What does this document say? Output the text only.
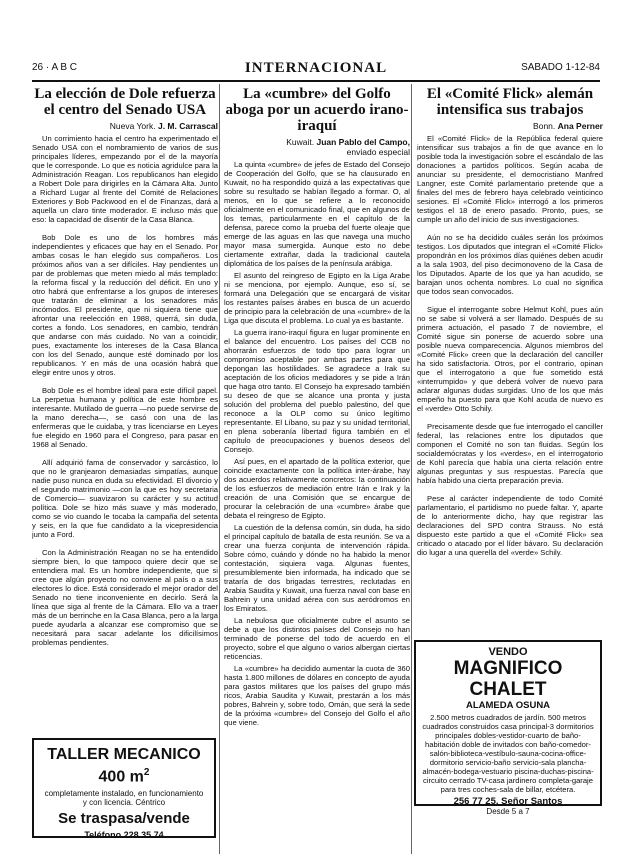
26 · A B C	INTERNACIONAL	SABADO 1-12-84
La elección de Dole refuerza el centro del Senado USA
Nueva York. J. M. Carrascal

Un corrimiento hacia el centro ha experimentado el Senado USA con el nombramiento de varios de sus principales líderes, empezando por el de la mayoría que le corresponde. Lo que es noticia agridulce para la Administración Reagan. Los republicanos han elegido a Robert Dole para dirigirles en la Cámara Alta. Junto a Richard Lugar al frente del Comité de Relaciones Exteriores y Bob Packwood en el de Finanzas, dará a aquella un claro tinte moderador. E incluso más que eso: la capacidad de disentir de la Casa Blanca.

Bob Dole es uno de los hombres más independientes y eficaces que hay en el Senado. Por ambas cosas le han elegido sus compañeros. Los próximos años van a ser difíciles. Hay pendientes un par de problemas que meten miedo al más templado: la reforma fiscal y la reducción del déficit. En uno y otro habrá que enfrentarse a los grupos de intereses que tratarán de eliminar a los senadores más incómodos. El presidente, que ni siquiera tiene que afrontar una reelección en 1988, querrá, sin duda, cortes a fondo. Los senadores, en cambio, tendrán que andarse con más cuidado. No van a coincidir, pues, exactamente los intereses de la Casa Blanca con los del Senado, aunque esté dominado por los republicanos. Y en más de una ocasión habrá que elegir entre unos y otros.

Bob Dole es el hombre ideal para este difícil papel. La perpetua humana y política de este hombre es interesante. Mutilado de guerra —no puede servirse de la mano derecha—, se casó con una de las enfermeras que le cuidaba, y tras licenciarse en Leyes fue elegido en 1960 para el Congreso, para pasar en 1968 al Senado.

Allí adquirió fama de conservador y sarcástico, lo que no le granjearon demasiadas simpatías, aunque nadie puso nunca en duda su efectividad. El divorcio y el segundo matrimonio —con la que es hoy secretaria de Comercio— suavizaron su carácter y su actitud política. Dole se hizo más suave y más moderado, como se vio cuando le tocaba la campaña del setenta y seis, en la que fue candidato a la vicepresidencia junto a Ford.

Con la Administración Reagan no se ha entendido siempre bien, lo que tampoco quiere decir que se entendiera mal. Es un hombre independiente, que si cree que algún proyecto no conviene al país o a sus electores lo dice. Está considerado el mejor orador del Senado no tiene inconveniente en decirlo. Será la línea que siga al frente de la Cámara. Ello va a traer más de un berrinche en la Casa Blanca, pero a la larga puede ayudarla a alcanzar ese compromiso que se necesitará para sacar adelante los dificilísimos problemas pendientes.

La «cumbre» del Golfo aboga por un acuerdo irano-iraquí
Kuwait. Juan Pablo del Campo,
enviado especial

La quinta «cumbre» de jefes de Estado del Consejo de Cooperación del Golfo, que se ha clausurado en Kuwait, no ha respondido quizá a las expectativas que sobre su resultado se habían llegado a formar. O, al menos, en lo que se refiere a lo reconocido oficialmente en el comunicado final, que en algunos de los temas, particularmente en el capítulo de la defensa, parece como la prueba del fuerte oleaje que emerge de las aguas en las que navega una mucho mayor masa sumergida. Aunque esto no debe ciertamente extrañar, dada la tradicional cautela diplomática de los países de la península arábiga.

El asunto del reingreso de Egipto en la Liga Arabe ni se menciona, por ejemplo. Aunque, eso sí, se formará una Delegación que se encargará de visitar los restantes países árabes en busca de un acuerdo de principio para la celebración de una «cumbre» de la Liga que discuta el problema. Lo cual ya es bastante.

La guerra irano-iraquí figura en lugar prominente en el balance del encuentro. Los países del CCB no ahorrarán esfuerzos de todo tipo para lograr un compromiso aceptable por ambas partes para que depongan las hostilidades. Se agradece a Irak su aceptación de los oficios mediadores y se pide a Irán que haga otro tanto. El Consejo ha expresado también su deseo de que se alcance una pronta y justa solución del problema del pueblo palestino, del que reconoce a la OLP como su único legítimo representante. El Líbano, su paz y su unidad territorial, en plena soberanía libertad figura también en el capítulo de preocupaciones y buenos deseos del Consejo.

Así pues, en el apartado de la política exterior, que coincide exactamente con la política inter-árabe, hay dos acuerdos relativamente concretos: la continuación de los esfuerzos de mediación entre Irán e Irak y la creación de una Comisión que se encargue de procurar la celebración de una «cumbre» árabe que debata el reingreso de Egipto.

La cuestión de la defensa común, sin duda, ha sido el principal capítulo de batalla de esta reunión. Se va a crear una fuerza conjunta de intervención rápida. Sobre cómo, cuándo y dónde no ha habido la menor contestación, siquiera vaga. Algunas fuentes, presumiblemente bien informada, ha indicado que se trataría de dos brigadas terrestres, reclutadas en Arabia Saudita y Kuwait, una fuerza naval con base en Bahrein y una unidad aérea con sus aeródromos en los Emiratos.

La nebulosa que oficialmente cubre el asunto se debe a que los distintos países del Consejo no han terminado de ponerse del todo de acuerdo en el proyecto, sobre el que alguno o varios albergan ciertas reticencias.

La «cumbre» ha decidido aumentar la cuota de 360 hasta 1.800 millones de dólares en concepto de ayuda para gastos militares que los países del grupo más ricos, Arabia Saudita y Kuwait, prestarán a los más pobres, Bahrein y, sobre todo, Omán, que será la sede de la próxima «cumbre» del Consejo del Golfo el año que viene.

El «Comité Flick» alemán intensifica sus trabajos
Bonn. Ana Perner

El «Comité Flick» de la República federal quiere intensificar sus trabajos a fin de que avance en lo posible toda la investigación sobre el escándalo de las donaciones a partidos políticos. Según acaba de anunciar su presidente, el democristiano Manfred Langner, este Comité parlamentario pretende que a finales del mes de febrero haya celebrado veinticinco sesiones. El «Comité Flick» interrogó a los primeros testigos el 18 de enero pasado. Pronto, pues, se cumple un año del inicio de sus investigaciones.

Aún no se ha decidido cuáles serán los próximos testigos. Los diputados que integran el «Comité Flick» propondrán en los próximos días quiénes deben acudir a la sala 1903, del piso decimonoveno de la Casa de los Diputados. Aparte de los que ya han acudido, se barajan unos ochenta nombres. Lo cual no significa que todos sean convocados.

Sigue el interrogante sobre Helmut Kohl, pues aún no se sabe si volverá a ser llamado. Después de su primera actuación, el pasado 7 de noviembre, el Comité sigue sin ponerse de acuerdo sobre una posible nueva comparecencia. Algunos miembros del «Comité Flick» creen que la declaración del canciller ha sido satisfactoria. Otros, por el contrario, opinan que el interrogatorio a que fue sometido está «interrumpido» y que deberá volver de nuevo para aclarar algunas dudas surgidas. Uno de los que más empeño ha puesto para que Kohl acuda de nuevo es el «verde» Otto Schily.

Precisamente desde que fue interrogado el canciller federal, las relaciones entre los diputados que componen el Comité no son tan fluidas. Según los socialdemócratas y los «verdes», en el interrogatorio de Kohl parecía que había una cierta relación entre algunas preguntas y sus respuestas. Parecía que había habido una cierta preparación previa.

Pese al carácter independiente de todo Comité parlamentario, el partidismo no puede faltar. Y, aparte de lo anteriormente dicho, hay que registrar las declaraciones del SPD contra Strauss. No está dispuesto este partido a que el «Comité Flick» sea criticado o atacado por el líder bávaro. Su declaración dio lugar a una querella del «verde» Schily.

TALLER MECANICO 400 $m^2$
completamente instalado, en funcionamiento y con licencia. Céntrico
Se traspasa/vende
Teléfono 228 35 74
VENDO
MAGNIFICO CHALET
ALAMEDA OSUNA
2.500 metros cuadrados de jardín. 500 metros cuadrados construidos casa principal-3 dormitorios principales dobles-vestidor-cuarto de baño-habitación doble de invitados con baño-comedor-salón-biblioteca-vestíbulo-sauna-cocina-office-dormitorio servicio-baño servicio-sala plancha-almacén-bodega-vestuario piscina-duchas-piscina-circuito cerrado TV-casa jardinero completa-garaje para tres coches-sala de billar, etcétera.
256 77 25. Señor Santos
Desde 5 a 7
